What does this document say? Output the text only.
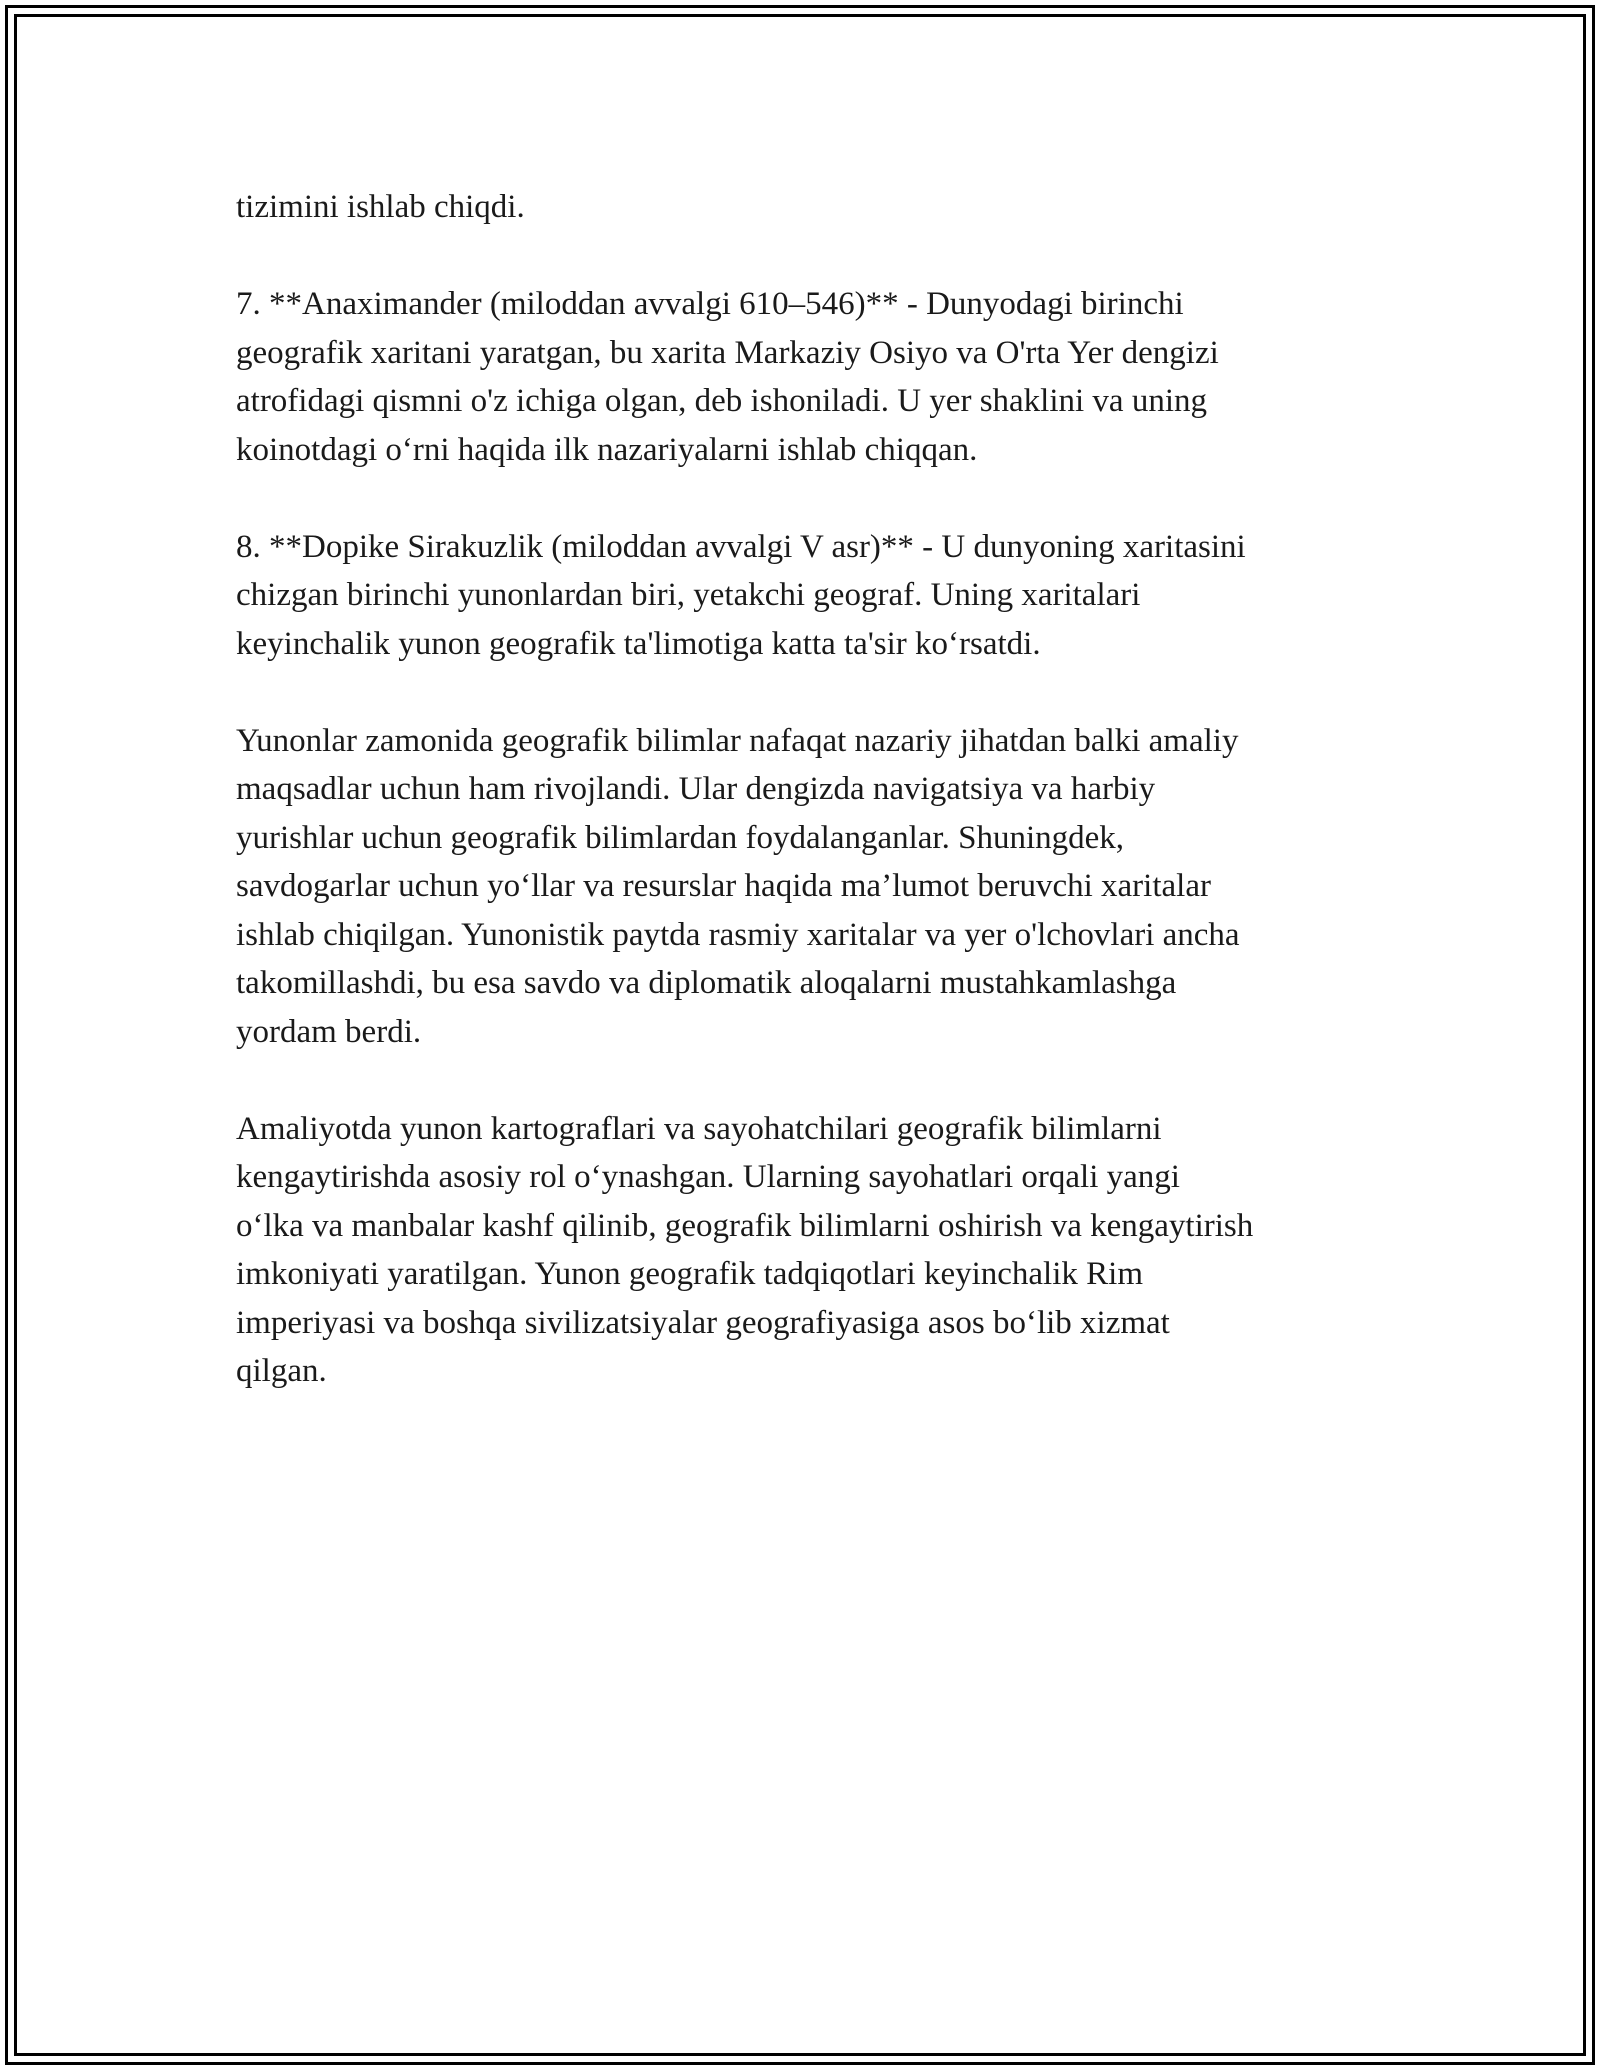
tizimini ishlab chiqdi.

7. **Anaximander (miloddan avvalgi 610–546)** - Dunyodagi birinchi
geografik xaritani yaratgan, bu xarita Markaziy Osiyo va O'rta Yer dengizi
atrofidagi qismni o'z ichiga olgan, deb ishoniladi. U yer shaklini va uning
koinotdagi o‘rni haqida ilk nazariyalarni ishlab chiqqan.

8. **Dopike Sirakuzlik (miloddan avvalgi V asr)** - U dunyoning xaritasini
chizgan birinchi yunonlardan biri, yetakchi geograf. Uning xaritalari
keyinchalik yunon geografik ta'limotiga katta ta'sir ko‘rsatdi.

Yunonlar zamonida geografik bilimlar nafaqat nazariy jihatdan balki amaliy
maqsadlar uchun ham rivojlandi. Ular dengizda navigatsiya va harbiy
yurishlar uchun geografik bilimlardan foydalanganlar. Shuningdek,
savdogarlar uchun yo‘llar va resurslar haqida ma’lumot beruvchi xaritalar
ishlab chiqilgan. Yunonistik paytda rasmiy xaritalar va yer o'lchovlari ancha
takomillashdi, bu esa savdo va diplomatik aloqalarni mustahkamlashga
yordam berdi.

Amaliyotda yunon kartograflari va sayohatchilari geografik bilimlarni
kengaytirishda asosiy rol o‘ynashgan. Ularning sayohatlari orqali yangi
o‘lka va manbalar kashf qilinib, geografik bilimlarni oshirish va kengaytirish
imkoniyati yaratilgan. Yunon geografik tadqiqotlari keyinchalik Rim
imperiyasi va boshqa sivilizatsiyalar geografiyasiga asos bo‘lib xizmat
qilgan.
